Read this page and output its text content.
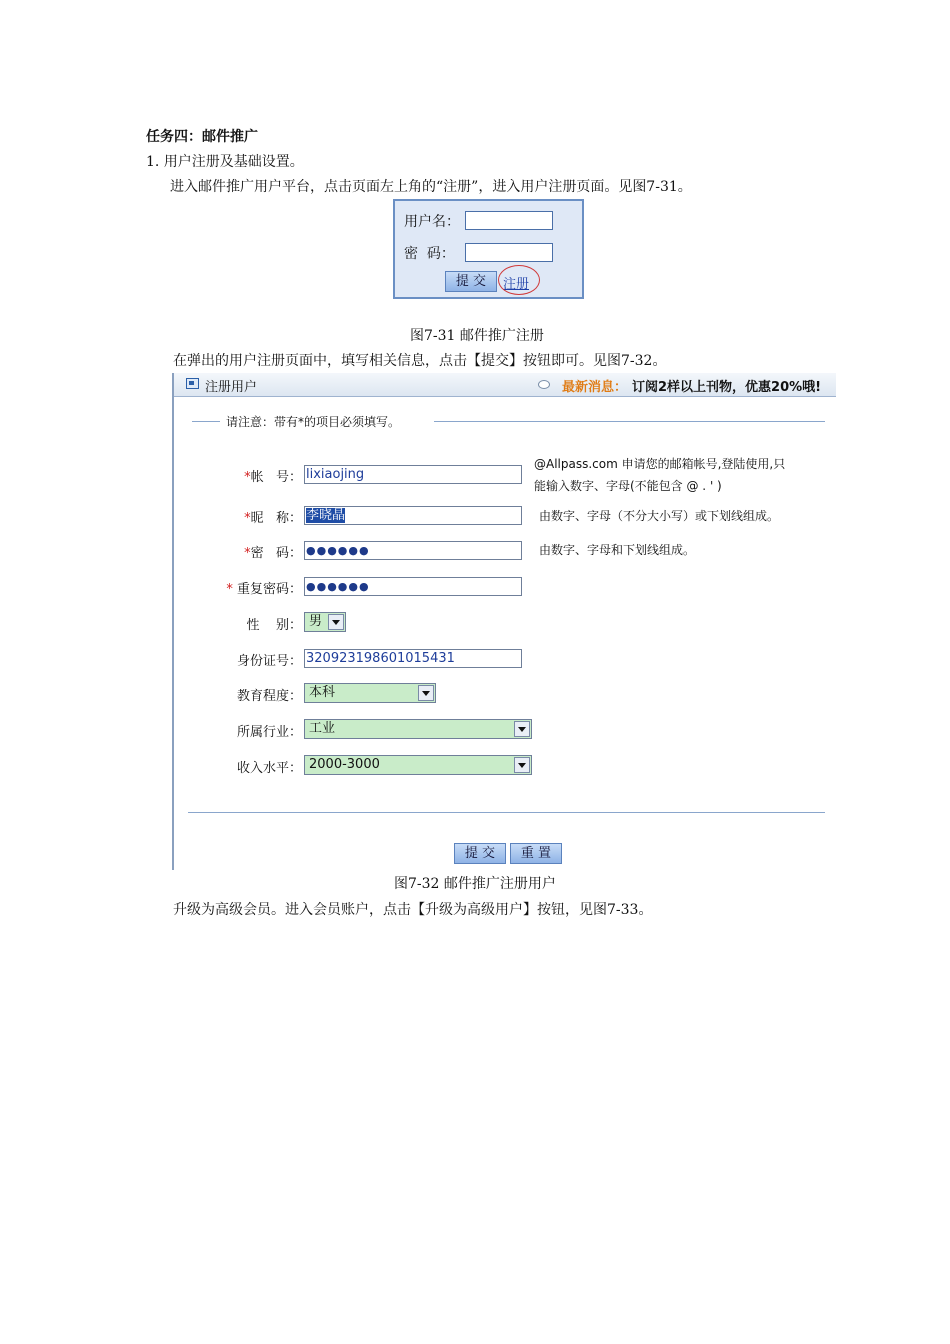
任务四：邮件推广
1. 用户注册及基础设置。
进入邮件推广用户平台，点击页面左上角的“注册”，进入用户注册页面。见图7-31。
用户名：
密  码：
提 交	注册
图7-31 邮件推广注册
在弹出的用户注册页面中，填写相关信息，点击【提交】按钮即可。见图7-32。
注册用户	最新消息： 订阅2样以上刊物，优惠20%哦!
请注意：带有*的项目必须填写。
*帐   号： lixiaojing
@Allpass.com 申请您的邮箱帐号,登陆使用,只
能输入数字、字母(不能包含 @ . ' )
*昵   称： 李晓晶	由数字、字母（不分大小写）或下划线组成。
*密   码： ●●●●●●	由数字、字母和下划线组成。
* 重复密码： ●●●●●●
性    别： 男
身份证号： 320923198601015431
教育程度： 本科
所属行业： 工业
收入水平： 2000-3000
提 交	重 置
图7-32 邮件推广注册用户
升级为高级会员。进入会员账户，点击【升级为高级用户】按钮，见图7-33。
